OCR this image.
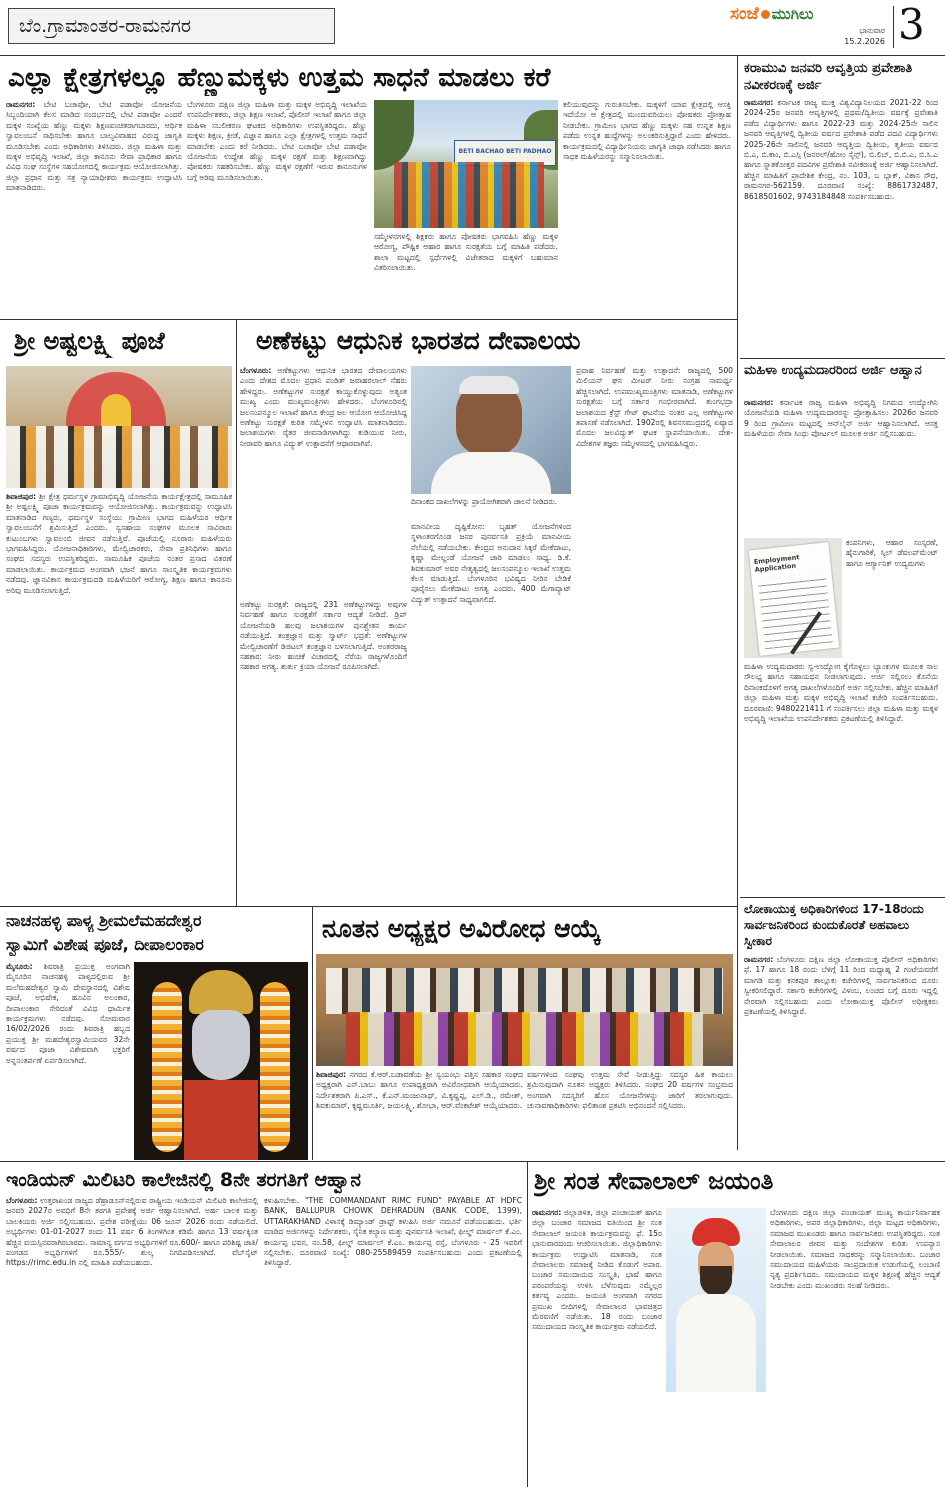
ಬೆಂ.ಗ್ರಾಮಾಂತರ-ರಾಮನಗರ
ಸಂಜೆ ಮುಗಿಲು
ಭಾನುವಾರ
15.2.2026 3
ಎಲ್ಲಾ ಕ್ಷೇತ್ರಗಳಲ್ಲೂ ಹೆಣ್ಣುಮಕ್ಕಳು ಉತ್ತಮ ಸಾಧನೆ ಮಾಡಲು ಕರೆ

ರಾಮನಗರ: ಬೇಟಿ ಬಚಾವೋ, ಬೇಟಿ ಪಡಾವೋ ಯೋಜನೆಯ ಸಿಬ್ಬಂದಿಯಾಗಿ ಕೆಲಸ ಮಾಡಿದ ಸಂದರ್ಭದಲ್ಲಿ ಬೇಟಿ ಪಡಾವೋ ಎಂದರೆ ಮಕ್ಕಳ ಸಂಖ್ಯೆಯ ಹೆಣ್ಣು ಮಕ್ಕಳು ಶಿಕ್ಷಣವಂಚಿತರಾಗಬಾರದು, ಆರ್ಥಿಕ ಸ್ವಾವಲಂಬನೆ ಸಾಧಿಸಬೇಕು ಹಾಗೂ ಬಾಲ್ಯವಿವಾಹದ ವಿರುದ್ಧ ಜಾಗೃತಿ ಮೂಡಿಸಬೇಕು ಎಂದು ಅಧಿಕಾರಿಗಳು ತಿಳಿಸಿದರು. ಜಿಲ್ಲಾ ಮಹಿಳಾ ಮತ್ತು ಮಕ್ಕಳ ಅಭಿವೃದ್ಧಿ ಇಲಾಖೆ, ಜಿಲ್ಲಾ ಕಾನೂನು ಸೇವಾ ಪ್ರಾಧಿಕಾರ ಹಾಗೂ ವಿವಿಧ ಸಂಘ ಸಂಸ್ಥೆಗಳ ಸಹಯೋಗದಲ್ಲಿ ಕಾರ್ಯಕ್ರಮ ಆಯೋಜಿಸಲಾಗಿತ್ತು. ಜಿಲ್ಲಾ ಪ್ರಧಾನ ಮತ್ತು ಸತ್ರ ನ್ಯಾಯಾಧೀಶರು ಕಾರ್ಯಕ್ರಮ ಉದ್ಘಾಟಿಸಿ ಮಾತನಾಡಿದರು.

ಬೆಂಗಳೂರು ದಕ್ಷಿಣ ಜಿಲ್ಲಾ ಮಹಿಳಾ ಮತ್ತು ಮಕ್ಕಳ ಅಭಿವೃದ್ಧಿ ಇಲಾಖೆಯ ಉಪನಿರ್ದೇಶಕರು, ಜಿಲ್ಲಾ ಶಿಕ್ಷಣ ಇಲಾಖೆ, ಪೊಲೀಸ್ ಇಲಾಖೆ ಹಾಗೂ ಜಿಲ್ಲಾ ಮಹಿಳಾ ಸಬಲೀಕರಣ ಘಟಕದ ಅಧಿಕಾರಿಗಳು ಉಪಸ್ಥಿತರಿದ್ದರು. ಹೆಣ್ಣು ಮಕ್ಕಳು ಶಿಕ್ಷಣ, ಕ್ರೀಡೆ, ವಿಜ್ಞಾನ ಹಾಗೂ ಎಲ್ಲಾ ಕ್ಷೇತ್ರಗಳಲ್ಲಿ ಉತ್ತಮ ಸಾಧನೆ ಮಾಡಬೇಕು ಎಂದು ಕರೆ ನೀಡಿದರು. ಬೇಟಿ ಬಚಾವೋ ಬೇಟಿ ಪಡಾವೋ ಯೋಜನೆಯ ಉದ್ದೇಶ ಹೆಣ್ಣು ಮಕ್ಕಳ ರಕ್ಷಣೆ ಮತ್ತು ಶಿಕ್ಷಣವಾಗಿದ್ದು ಪೋಷಕರು ಸಹಕರಿಸಬೇಕು. ಹೆಣ್ಣು ಮಕ್ಕಳ ರಕ್ಷಣೆಗೆ ಇರುವ ಕಾನೂನುಗಳ ಬಗ್ಗೆ ಅರಿವು ಮೂಡಿಸಲಾಯಿತು.
BETI BACHAO BETI PADHAO
ಕಲಿಯುವುದನ್ನು ಗುರುತಿಸಬೇಕು. ಮಕ್ಕಳಿಗೆ ಯಾವ ಕ್ಷೇತ್ರದಲ್ಲಿ ಆಸಕ್ತಿ ಇದೆಯೋ ಆ ಕ್ಷೇತ್ರದಲ್ಲಿ ಮುಂದುವರಿಯಲು ಪೋಷಕರು ಪ್ರೋತ್ಸಾಹ ನೀಡಬೇಕು. ಗ್ರಾಮೀಣ ಭಾಗದ ಹೆಣ್ಣು ಮಕ್ಕಳು ಸಹ ಉನ್ನತ ಶಿಕ್ಷಣ ಪಡೆದು ಉನ್ನತ ಹುದ್ದೆಗಳನ್ನು ಅಲಂಕರಿಸುತ್ತಿದ್ದಾರೆ ಎಂದು ಹೇಳಿದರು. ಕಾರ್ಯಕ್ರಮದಲ್ಲಿ ವಿದ್ಯಾರ್ಥಿನಿಯರು ಜಾಗೃತಿ ಜಾಥಾ ನಡೆಸಿದರು ಹಾಗೂ ಸಾಧಕ ಮಹಿಳೆಯರನ್ನು ಸನ್ಮಾನಿಸಲಾಯಿತು.
ಸಮ್ಮೇಳನಗಳಲ್ಲಿ ಶಿಕ್ಷಕರು ಹಾಗೂ ಪೋಷಕರು ಭಾಗವಹಿಸಿ ಹೆಣ್ಣು ಮಕ್ಕಳ ಆರೋಗ್ಯ, ಪೌಷ್ಟಿಕ ಆಹಾರ ಹಾಗೂ ಸುರಕ್ಷತೆಯ ಬಗ್ಗೆ ಮಾಹಿತಿ ಪಡೆದರು. ಶಾಲಾ ಮಟ್ಟದಲ್ಲಿ ಸ್ಪರ್ಧೆಗಳಲ್ಲಿ ವಿಜೇತರಾದ ಮಕ್ಕಳಿಗೆ ಬಹುಮಾನ ವಿತರಿಸಲಾಯಿತು.
ಕರಾಮುವಿ ಜನವರಿ ಆವೃತ್ತಿಯ ಪ್ರವೇಶಾತಿ ನವೀಕರಣಕ್ಕೆ ಅರ್ಜಿ
ರಾಮನಗರ: ಕರ್ನಾಟಕ ರಾಜ್ಯ ಮುಕ್ತ ವಿಶ್ವವಿದ್ಯಾನಿಲಯದ 2021-22 ರಿಂದ 2024-25ರ ಜನವರಿ ಆವೃತ್ತಿಗಳಲ್ಲಿ ಪ್ರಥಮ/ದ್ವಿತೀಯ ವರ್ಷಕ್ಕೆ ಪ್ರವೇಶಾತಿ ಪಡೆದ ವಿದ್ಯಾರ್ಥಿಗಳು ಹಾಗೂ 2022-23 ಮತ್ತು 2024-25ನೇ ಸಾಲಿನ ಜನವರಿ ಆವೃತ್ತಿಗಳಲ್ಲಿ ದ್ವಿತೀಯ ವರ್ಷದ ಪ್ರವೇಶಾತಿ ಪಡೆದ ಪದವಿ ವಿದ್ಯಾರ್ಥಿಗಳು 2025-26ನೇ ಸಾಲಿನಲ್ಲಿ ಜನವರಿ ಆವೃತ್ತಿಯ ದ್ವಿತೀಯ, ತೃತೀಯ ವರ್ಷದ ಬಿ.ಎ, ಬಿ.ಕಾಂ, ಬಿ.ಎಸ್ಸಿ (ಜನರಲ್/ಹೋಂ ಸೈನ್ಸ್), ಬಿ.ಲಿಬ್, ಬಿ.ಬಿ.ಎ, ಬಿ.ಸಿ.ಎ ಹಾಗೂ ಸ್ನಾತಕೋತ್ತರ ಪದವಿಗಳ ಪ್ರವೇಶಾತಿ ನವೀಕರಣಕ್ಕೆ ಅರ್ಜಿ ಆಹ್ವಾನಿಸಲಾಗಿದೆ. ಹೆಚ್ಚಿನ ಮಾಹಿತಿಗೆ ಪ್ರಾದೇಶಿಕ ಕೇಂದ್ರ, ನಂ. 103, ಬ ಬ್ಲಾಕ್, ವಿಕಾಸ ಸೌಧ, ರಾಮನಗರ-562159. ದೂರವಾಣಿ ಸಂಖ್ಯೆ: 8861732487, 8618501602, 9743184848 ಸಂಪರ್ಕಿಸಬಹುದು.
ಮಹಿಳಾ ಉದ್ಯಮದಾರರಿಂದ ಅರ್ಜಿ ಆಹ್ವಾನ
ರಾಮನಗರ: ಕರ್ನಾಟಕ ರಾಜ್ಯ ಮಹಿಳಾ ಅಭಿವೃದ್ಧಿ ನಿಗಮದ ಉದ್ಯೋಗಿನಿ ಯೋಜನೆಯಡಿ ಮಹಿಳಾ ಉದ್ಯಮದಾರರನ್ನು ಪ್ರೋತ್ಸಾಹಿಸಲು 2026ರ ಜನವರಿ 9 ರಿಂದ ಗ್ರಾಮೀಣ ಮಟ್ಟದಲ್ಲಿ ಆನ್‌ಲೈನ್ ಅರ್ಜಿ ಆಹ್ವಾನಿಸಲಾಗಿದೆ. ಆಸಕ್ತ ಮಹಿಳೆಯರು ಸೇವಾ ಸಿಂಧು ಪೋರ್ಟಲ್ ಮೂಲಕ ಅರ್ಜಿ ಸಲ್ಲಿಸಬಹುದು.
Employment Application
ಕಂಪನಿಗಳು, ಆಹಾರ ಸಂಸ್ಕರಣೆ, ಹೈನುಗಾರಿಕೆ, ಸ್ಕಿಲ್ ಡೆವಲಪ್‌ಮೆಂಟ್ ಹಾಗೂ ಆರ್ಗ್ಯಾನಿಕ್ ಉದ್ಯಮಗಳು
ಮಹಿಳಾ ಉದ್ಯಮದಾರರು ಸ್ವ-ಉದ್ಯೋಗ ಕೈಗೊಳ್ಳಲು ಬ್ಯಾಂಕುಗಳ ಮೂಲಕ ಸಾಲ ಸೌಲಭ್ಯ ಹಾಗೂ ಸಹಾಯಧನ ನೀಡಲಾಗುವುದು. ಅರ್ಜಿ ಸಲ್ಲಿಸಲು ಕೊನೆಯ ದಿನಾಂಕದೊಳಗೆ ಅಗತ್ಯ ದಾಖಲೆಗಳೊಂದಿಗೆ ಅರ್ಜಿ ಸಲ್ಲಿಸಬೇಕು. ಹೆಚ್ಚಿನ ಮಾಹಿತಿಗೆ ಜಿಲ್ಲಾ ಮಹಿಳಾ ಮತ್ತು ಮಕ್ಕಳ ಅಭಿವೃದ್ಧಿ ಇಲಾಖೆ ಕಚೇರಿ ಸಂಪರ್ಕಿಸಬಹುದು. ದೂರವಾಣಿ: 9480221411 ಗೆ ಸಂಪರ್ಕಿಸಲು ಜಿಲ್ಲಾ ಮಹಿಳಾ ಮತ್ತು ಮಕ್ಕಳ ಅಭಿವೃದ್ಧಿ ಇಲಾಖೆಯ ಉಪನಿರ್ದೇಶಕರು ಪ್ರಕಟಣೆಯಲ್ಲಿ ತಿಳಿಸಿದ್ದಾರೆ.
ಲೋಕಾಯುಕ್ತ ಅಧಿಕಾರಿಗಳಿಂದ 17-18ರಂದು ಸಾರ್ವಜನಿಕರಿಂದ ಕುಂದುಕೊರತೆ ಅಹವಾಲು ಸ್ವೀಕಾರ
ರಾಮನಗರ: ಬೆಂಗಳೂರು ದಕ್ಷಿಣ ಜಿಲ್ಲಾ ಲೋಕಾಯುಕ್ತ ಪೊಲೀಸ್ ಅಧಿಕಾರಿಗಳು ಫೆ. 17 ಹಾಗೂ 18 ರಂದು ಬೆಳಿಗ್ಗೆ 11 ರಿಂದ ಮಧ್ಯಾಹ್ನ 2 ಗಂಟೆಯವರೆಗೆ ಮಾಗಡಿ ಮತ್ತು ಕನಕಪುರ ತಾಲ್ಲೂಕು ಕಚೇರಿಗಳಲ್ಲಿ ಸಾರ್ವಜನಿಕರಿಂದ ದೂರು ಸ್ವೀಕರಿಸಲಿದ್ದಾರೆ. ಸರ್ಕಾರಿ ಕಚೇರಿಗಳಲ್ಲಿ ವಿಳಂಬ, ಲಂಚದ ಬಗ್ಗೆ ದೂರು ಇದ್ದಲ್ಲಿ ನೇರವಾಗಿ ಸಲ್ಲಿಸಬಹುದು ಎಂದು ಲೋಕಾಯುಕ್ತ ಪೊಲೀಸ್ ಅಧೀಕ್ಷಕರು ಪ್ರಕಟಣೆಯಲ್ಲಿ ತಿಳಿಸಿದ್ದಾರೆ.
ಶ್ರೀ ಅಷ್ಟಲಕ್ಷ್ಮಿ ಪೂಜೆ
ಶಿವಾಜಿಪುರ: ಶ್ರೀ ಕ್ಷೇತ್ರ ಧರ್ಮಸ್ಥಳ ಗ್ರಾಮಾಭಿವೃದ್ಧಿ ಯೋಜನೆಯ ಕಾರ್ಯಕ್ಷೇತ್ರದಲ್ಲಿ ಸಾಮೂಹಿಕ ಶ್ರೀ ಅಷ್ಟಲಕ್ಷ್ಮಿ ಪೂಜಾ ಕಾರ್ಯಕ್ರಮವನ್ನು ಆಯೋಜಿಸಲಾಗಿತ್ತು. ಕಾರ್ಯಕ್ರಮವನ್ನು ಉದ್ಘಾಟಿಸಿ ಮಾತನಾಡಿದ ಗಣ್ಯರು, ಧರ್ಮಸ್ಥಳ ಸಂಸ್ಥೆಯು ಗ್ರಾಮೀಣ ಭಾಗದ ಮಹಿಳೆಯರ ಆರ್ಥಿಕ ಸ್ವಾವಲಂಬನೆಗೆ ಶ್ರಮಿಸುತ್ತಿದೆ ಎಂದರು. ಸ್ವಸಹಾಯ ಸಂಘಗಳ ಮೂಲಕ ಸಾವಿರಾರು ಕುಟುಂಬಗಳು ಸ್ವಾವಲಂಬಿ ಜೀವನ ನಡೆಸುತ್ತಿವೆ. ಪೂಜೆಯಲ್ಲಿ ನೂರಾರು ಮಹಿಳೆಯರು ಭಾಗವಹಿಸಿದ್ದರು. ಯೋಜನಾಧಿಕಾರಿಗಳು, ಮೇಲ್ವಿಚಾರಕರು, ಸೇವಾ ಪ್ರತಿನಿಧಿಗಳು ಹಾಗೂ ಸಂಘದ ಸದಸ್ಯರು ಉಪಸ್ಥಿತರಿದ್ದರು. ಸಾಮೂಹಿಕ ಪೂಜೆಯ ನಂತರ ಪ್ರಸಾದ ವಿತರಣೆ ಮಾಡಲಾಯಿತು. ಕಾರ್ಯಕ್ರಮದ ಅಂಗವಾಗಿ ಭಜನೆ ಹಾಗೂ ಸಾಂಸ್ಕೃತಿಕ ಕಾರ್ಯಕ್ರಮಗಳು ನಡೆದವು. ಜ್ಞಾನವಿಕಾಸ ಕಾರ್ಯಕ್ರಮದಡಿ ಮಹಿಳೆಯರಿಗೆ ಆರೋಗ್ಯ, ಶಿಕ್ಷಣ ಹಾಗೂ ಕಾನೂನು ಅರಿವು ಮೂಡಿಸಲಾಗುತ್ತಿದೆ.
ಅಣೆಕಟ್ಟು ಆಧುನಿಕ ಭಾರತದ ದೇವಾಲಯ
ಬೆಂಗಳೂರು: ಅಣೆಕಟ್ಟುಗಳು ಆಧುನಿಕ ಭಾರತದ ದೇವಾಲಯಗಳು ಎಂದು ದೇಶದ ಮೊದಲ ಪ್ರಧಾನಿ ಪಂಡಿತ್ ಜವಾಹರಲಾಲ್ ನೆಹರು ಹೇಳಿದ್ದರು. ಅಣೆಕಟ್ಟುಗಳ ಸುರಕ್ಷತೆ ಕಾಯ್ದುಕೊಳ್ಳುವುದು ಅತ್ಯಂತ ಮುಖ್ಯ ಎಂದು ಮುಖ್ಯಮಂತ್ರಿಗಳು ಹೇಳಿದರು. ಬೆಂಗಳೂರಿನಲ್ಲಿ ಜಲಸಂಪನ್ಮೂಲ ಇಲಾಖೆ ಹಾಗೂ ಕೇಂದ್ರ ಜಲ ಆಯೋಗ ಆಯೋಜಿಸಿದ್ದ ಅಣೆಕಟ್ಟು ಸುರಕ್ಷತೆ ಕುರಿತ ಸಮ್ಮೇಳನ ಉದ್ಘಾಟಿಸಿ ಮಾತನಾಡಿದರು. ಜಲಾಶಯಗಳು ರೈತರ ಜೀವನಾಡಿಗಳಾಗಿದ್ದು ಕುಡಿಯುವ ನೀರು, ನೀರಾವರಿ ಹಾಗೂ ವಿದ್ಯುತ್ ಉತ್ಪಾದನೆಗೆ ಆಧಾರವಾಗಿವೆ.
ಅಣೆಕಟ್ಟು ಸುರಕ್ಷತೆ: ರಾಜ್ಯದಲ್ಲಿ 231 ಅಣೆಕಟ್ಟುಗಳಿದ್ದು ಅವುಗಳ ನಿರ್ವಹಣೆ ಹಾಗೂ ಸುರಕ್ಷತೆಗೆ ಸರ್ಕಾರ ಆದ್ಯತೆ ನೀಡಿದೆ. ಡ್ರಿಪ್ ಯೋಜನೆಯಡಿ ಹಲವು ಜಲಾಶಯಗಳ ಪುನಶ್ಚೇತನ ಕಾರ್ಯ ನಡೆಯುತ್ತಿದೆ. ತಂತ್ರಜ್ಞಾನ ಮತ್ತು ಸ್ಮಾರ್ಟ್ ಭದ್ರತೆ: ಅಣೆಕಟ್ಟುಗಳ ಮೇಲ್ವಿಚಾರಣೆಗೆ ಡಿಜಿಟಲ್ ತಂತ್ರಜ್ಞಾನ ಬಳಸಲಾಗುತ್ತಿದೆ. ಅಂತರರಾಜ್ಯ ಸಹಕಾರ: ನೀರು ಹಂಚಿಕೆ ವಿಚಾರದಲ್ಲಿ ನೆರೆಯ ರಾಜ್ಯಗಳೊಂದಿಗೆ ಸಹಕಾರ ಅಗತ್ಯ. ತುರ್ತು ಕ್ರಿಯಾ ಯೋಜನೆ ರೂಪಿಸಲಾಗಿದೆ.
ದಿನಾಂಕದ ದಾಖಲೆಗಳನ್ನು ಪ್ರಾಯೋಗಿಕವಾಗಿ ಚಾಲನೆ ನೀಡಿದರು.
ಮಾನವೀಯ ದೃಷ್ಟಿಕೋನ: ಬೃಹತ್ ಯೋಜನೆಗಳಿಂದ ಸ್ಥಳಾಂತರಗೊಂಡ ಜನರ ಪುನರ್ವಸತಿ ಪ್ರಕ್ರಿಯೆ ಮಾನವೀಯ ನೆಲೆಯಲ್ಲಿ ನಡೆಯಬೇಕು. ಕೇಂದ್ರದ ಅನುದಾನ ಸಿಕ್ಕರೆ ಮೇಕೆದಾಟು, ಕೃಷ್ಣಾ ಮೇಲ್ದಂಡೆ ಯೋಜನೆ ಜಾರಿ ಮಾಡಲು ಸಾಧ್ಯ. ಡಿ.ಕೆ. ಶಿವಕುಮಾರ್ ಅವರ ನೇತೃತ್ವದಲ್ಲಿ ಜಲಸಂಪನ್ಮೂಲ ಇಲಾಖೆ ಉತ್ತಮ ಕೆಲಸ ಮಾಡುತ್ತಿದೆ. ಬೆಂಗಳೂರಿನ ಭವಿಷ್ಯದ ನೀರಿನ ಬೇಡಿಕೆ ಪೂರೈಸಲು ಮೇಕೆದಾಟು ಅಗತ್ಯ ಎಂದರು. 400 ಮೆಗಾವ್ಯಾಟ್ ವಿದ್ಯುತ್ ಉತ್ಪಾದನೆ ಸಾಧ್ಯವಾಗಲಿದೆ.
ಪ್ರವಾಹ ನಿರ್ವಹಣೆ ಮತ್ತು ಉತ್ಪಾದನೆ: ರಾಜ್ಯದಲ್ಲಿ 500 ಮಿಲಿಯನ್ ಘನ ಮೀಟರ್ ನೀರು ಸಂಗ್ರಹ ಸಾಮರ್ಥ್ಯ ಹೆಚ್ಚಿಸಲಾಗಿದೆ. ಉಪಮುಖ್ಯಮಂತ್ರಿಗಳು ಮಾತನಾಡಿ, ಅಣೆಕಟ್ಟುಗಳ ಸುರಕ್ಷತೆಯ ಬಗ್ಗೆ ಸರ್ಕಾರ ಗಂಭೀರವಾಗಿದೆ. ತುಂಗಭದ್ರಾ ಜಲಾಶಯದ ಕ್ರೆಸ್ಟ್ ಗೇಟ್ ಘಟನೆಯ ನಂತರ ಎಲ್ಲ ಅಣೆಕಟ್ಟುಗಳ ತಪಾಸಣೆ ನಡೆಸಲಾಗಿದೆ. 1902ರಲ್ಲಿ ಶಿವನಸಮುದ್ರದಲ್ಲಿ ಏಷ್ಯಾದ ಮೊದಲ ಜಲವಿದ್ಯುತ್ ಘಟಕ ಸ್ಥಾಪನೆಯಾಯಿತು. ದೇಶ-ವಿದೇಶಗಳ ತಜ್ಞರು ಸಮ್ಮೇಳನದಲ್ಲಿ ಭಾಗವಹಿಸಿದ್ದರು.
ನಾಚನಹಳ್ಳಿ ಪಾಳ್ಯ ಶ್ರೀಮಲೆಮಹದೇಶ್ವರ
ಸ್ವಾಮಿಗೆ ವಿಶೇಷ ಪೂಜೆ, ದೀಪಾಲಂಕಾರ
ಮೈಸೂರು: ಶಿವರಾತ್ರಿ ಪ್ರಯುಕ್ತ ಅಂಗವಾಗಿ ಮೈಸೂರಿನ ನಾಚನಹಳ್ಳಿ ಪಾಳ್ಯದಲ್ಲಿರುವ ಶ್ರೀ ಮಲೆಮಹದೇಶ್ವರ ಸ್ವಾಮಿ ದೇವಸ್ಥಾನದಲ್ಲಿ ವಿಶೇಷ ಪೂಜೆ, ಅಭಿಷೇಕ, ಹೂವಿನ ಅಲಂಕಾರ, ದೀಪಾಲಂಕಾರ ಸೇರಿದಂತೆ ವಿವಿಧ ಧಾರ್ಮಿಕ ಕಾರ್ಯಕ್ರಮಗಳು ನಡೆದವು. ಸೋಮವಾರ 16/02/2026 ರಂದು ಶಿವರಾತ್ರಿ ಹಬ್ಬದ ಪ್ರಯುಕ್ತ ಶ್ರೀ ಮಹದೇಶ್ವರಸ್ವಾಮಿಯವರ 32ನೇ ವರ್ಷದ ಪೂಜಾ ವಿಶೇಷವಾಗಿ ಭಕ್ತರಿಗೆ ಅನ್ನಸಂತರ್ಪಣೆ ಏರ್ಪಡಿಸಲಾಗಿದೆ.
ನೂತನ ಅಧ್ಯಕ್ಷರ ಅವಿರೋಧ ಆಯ್ಕೆ
ಶಿವಾಜಿಪುರ: ನಗರದ ಕೆ.ಆರ್.ಬಡಾವಣೆಯ ಶ್ರೀ ಸ್ವಯಂಭು ಪತ್ತಿನ ಸಹಕಾರ ಸಂಘದ ಅಧ್ಯಕ್ಷರಾಗಿ ಎನ್.ಬಾಬು ಹಾಗೂ ಉಪಾಧ್ಯಕ್ಷರಾಗಿ ಅವಿರೋಧವಾಗಿ ಆಯ್ಕೆಯಾದರು. ನಿರ್ದೇಶಕರಾಗಿ ಪಿ.ಎಸ್., ಕೆ.ಎನ್.ಮಂಜುನಾಥ್, ವಿ.ಕೃಷ್ಣಪ್ಪ, ಎಲ್.ಡಿ., ರಮೇಶ್, ಶಿವಕುಮಾರ್, ಕೃಷ್ಣಮೂರ್ತಿ, ಜಯಲಕ್ಷ್ಮಿ, ಶೋಭಾ, ಆರ್.ವೆಂಕಟೇಶ್ ಆಯ್ಕೆಯಾದರು.
ವರ್ಷಗಳಿಂದ ಸಂಘವು ಉತ್ತಮ ಸೇವೆ ನೀಡುತ್ತಿದ್ದು ಸದಸ್ಯರ ಹಿತ ಕಾಯಲು ಶ್ರಮಿಸುವುದಾಗಿ ನೂತನ ಅಧ್ಯಕ್ಷರು ತಿಳಿಸಿದರು. ಸಂಘದ 20 ವರ್ಷಗಳ ಸಂಭ್ರಮದ ಅಂಗವಾಗಿ ಸದಸ್ಯರಿಗೆ ಹೊಸ ಯೋಜನೆಗಳನ್ನು ಜಾರಿಗೆ ತರಲಾಗುವುದು. ಚುನಾವಣಾಧಿಕಾರಿಗಳು ಫಲಿತಾಂಶ ಪ್ರಕಟಿಸಿ ಅಭಿನಂದನೆ ಸಲ್ಲಿಸಿದರು.
ಇಂಡಿಯನ್ ಮಿಲಿಟರಿ ಕಾಲೇಜಿನಲ್ಲಿ 8ನೇ ತರಗತಿಗೆ ಆಹ್ವಾನ
ಬೆಂಗಳೂರು: ಉತ್ತರಾಖಂಡ ರಾಜ್ಯದ ಡೆಹ್ರಾಡೂನ್‌ನಲ್ಲಿರುವ ರಾಷ್ಟ್ರೀಯ ಇಂಡಿಯನ್ ಮಿಲಿಟರಿ ಕಾಲೇಜಿನಲ್ಲಿ ಜನವರಿ 2027ರ ಅವಧಿಗೆ 8ನೇ ತರಗತಿ ಪ್ರವೇಶಕ್ಕೆ ಅರ್ಜಿ ಆಹ್ವಾನಿಸಲಾಗಿದೆ. ಅರ್ಹ ಬಾಲಕ ಮತ್ತು ಬಾಲಕಿಯರು ಅರ್ಜಿ ಸಲ್ಲಿಸಬಹುದು. ಪ್ರವೇಶ ಪರೀಕ್ಷೆಯು 06 ಜೂನ್ 2026 ರಂದು ನಡೆಯಲಿದೆ. ಅಭ್ಯರ್ಥಿಗಳು 01-01-2027 ರಂದು 11 ವರ್ಷ 6 ತಿಂಗಳಿಗಿಂತ ಕಡಿಮೆ ಹಾಗೂ 13 ವರ್ಷಕ್ಕಿಂತ ಹೆಚ್ಚಿನ ವಯಸ್ಸಿನವರಾಗಿರಬಾರದು. ಸಾಮಾನ್ಯ ವರ್ಗದ ಅಭ್ಯರ್ಥಿಗಳಿಗೆ ರೂ.600/- ಹಾಗೂ ಪರಿಶಿಷ್ಟ ಜಾತಿ/ಪಂಗಡದ ಅಭ್ಯರ್ಥಿಗಳಿಗೆ ರೂ.555/- ಶುಲ್ಕ ನಿಗದಿಪಡಿಸಲಾಗಿದೆ. ವೆಬ್‌ಸೈಟ್ https://rimc.edu.in ನಲ್ಲಿ ಮಾಹಿತಿ ಪಡೆಯಬಹುದು.
ಕಳುಹಿಸಬೇಕು. "THE COMMANDANT RIMC FUND" PAYABLE AT HDFC BANK, BALLUPUR CHOWK DEHRADUN (BANK CODE, 1399), UTTARAKHAND ವಿಳಾಸಕ್ಕೆ ಡಿಮ್ಯಾಂಡ್ ಡ್ರಾಫ್ಟ್ ಕಳುಹಿಸಿ ಅರ್ಜಿ ನಮೂನೆ ಪಡೆಯಬಹುದು. ಭರ್ತಿ ಮಾಡಿದ ಅರ್ಜಿಗಳನ್ನು ನಿರ್ದೇಶಕರು, ಸೈನಿಕ ಕಲ್ಯಾಣ ಮತ್ತು ಪುನರ್ವಸತಿ ಇಲಾಖೆ, ಫೀಲ್ಡ್ ಮಾರ್ಷಲ್ ಕೆ.ಎಂ. ಕಾರ್ಯಪ್ಪ ಭವನ, ನಂ.58, ಫೀಲ್ಡ್ ಮಾರ್ಷಲ್ ಕೆ.ಎಂ. ಕಾರ್ಯಪ್ಪ ರಸ್ತೆ, ಬೆಂಗಳೂರು - 25 ಇವರಿಗೆ ಸಲ್ಲಿಸಬೇಕು. ದೂರವಾಣಿ ಸಂಖ್ಯೆ: 080-25589459 ಸಂಪರ್ಕಿಸಬಹುದು ಎಂದು ಪ್ರಕಟಣೆಯಲ್ಲಿ ತಿಳಿಸಿದ್ದಾರೆ.
ಶ್ರೀ ಸಂತ ಸೇವಾಲಾಲ್ ಜಯಂತಿ
ರಾಮನಗರ: ಜಿಲ್ಲಾಡಳಿತ, ಜಿಲ್ಲಾ ಪಂಚಾಯತ್ ಹಾಗೂ ಜಿಲ್ಲಾ ಬಂಜಾರ ಸಮಾಜದ ವತಿಯಿಂದ ಶ್ರೀ ಸಂತ ಸೇವಾಲಾಲ್ ಜಯಂತಿ ಕಾರ್ಯಕ್ರಮವನ್ನು ಫೆ. 15ರ ಭಾನುವಾರದಂದು ಆಚರಿಸಲಾಯಿತು. ಜಿಲ್ಲಾಧಿಕಾರಿಗಳು ಕಾರ್ಯಕ್ರಮ ಉದ್ಘಾಟಿಸಿ ಮಾತನಾಡಿ, ಸಂತ ಸೇವಾಲಾಲರು ಸಮಾಜಕ್ಕೆ ನೀಡಿದ ಕೊಡುಗೆ ಅಪಾರ. ಬಂಜಾರ ಸಮುದಾಯದ ಸಂಸ್ಕೃತಿ, ಭಾಷೆ ಹಾಗೂ ಪರಂಪರೆಯನ್ನು ಉಳಿಸಿ ಬೆಳೆಸುವುದು ನಮ್ಮೆಲ್ಲರ ಕರ್ತವ್ಯ ಎಂದರು. ಜಯಂತಿ ಅಂಗವಾಗಿ ನಗರದ ಪ್ರಮುಖ ಬೀದಿಗಳಲ್ಲಿ ಸೇವಾಲಾಲರ ಭಾವಚಿತ್ರದ ಮೆರವಣಿಗೆ ನಡೆಯಿತು. 18 ರಂದು ಬಂಜಾರ ಸಮುದಾಯದ ಸಾಂಸ್ಕೃತಿಕ ಕಾರ್ಯಕ್ರಮ ನಡೆಯಲಿದೆ.
ಬೆಂಗಳೂರು ದಕ್ಷಿಣ ಜಿಲ್ಲಾ ಪಂಚಾಯತ್ ಮುಖ್ಯ ಕಾರ್ಯನಿರ್ವಾಹಕ ಅಧಿಕಾರಿಗಳು, ಅಪರ ಜಿಲ್ಲಾಧಿಕಾರಿಗಳು, ಜಿಲ್ಲಾ ಮಟ್ಟದ ಅಧಿಕಾರಿಗಳು, ಸಮಾಜದ ಮುಖಂಡರು ಹಾಗೂ ಸಾರ್ವಜನಿಕರು ಉಪಸ್ಥಿತರಿದ್ದರು. ಸಂತ ಸೇವಾಲಾಲರ ಜೀವನ ಮತ್ತು ಸಂದೇಶಗಳ ಕುರಿತು ಉಪನ್ಯಾಸ ನೀಡಲಾಯಿತು. ಸಮಾಜದ ಸಾಧಕರನ್ನು ಸನ್ಮಾನಿಸಲಾಯಿತು. ಬಂಜಾರ ಸಮುದಾಯದ ಮಹಿಳೆಯರು ಸಾಂಪ್ರದಾಯಿಕ ಉಡುಗೆಯಲ್ಲಿ ಲಂಬಾಣಿ ನೃತ್ಯ ಪ್ರದರ್ಶಿಸಿದರು. ಸಮುದಾಯದ ಮಕ್ಕಳ ಶಿಕ್ಷಣಕ್ಕೆ ಹೆಚ್ಚಿನ ಆದ್ಯತೆ ನೀಡಬೇಕು ಎಂದು ಮುಖಂಡರು ಸಲಹೆ ನೀಡಿದರು.
